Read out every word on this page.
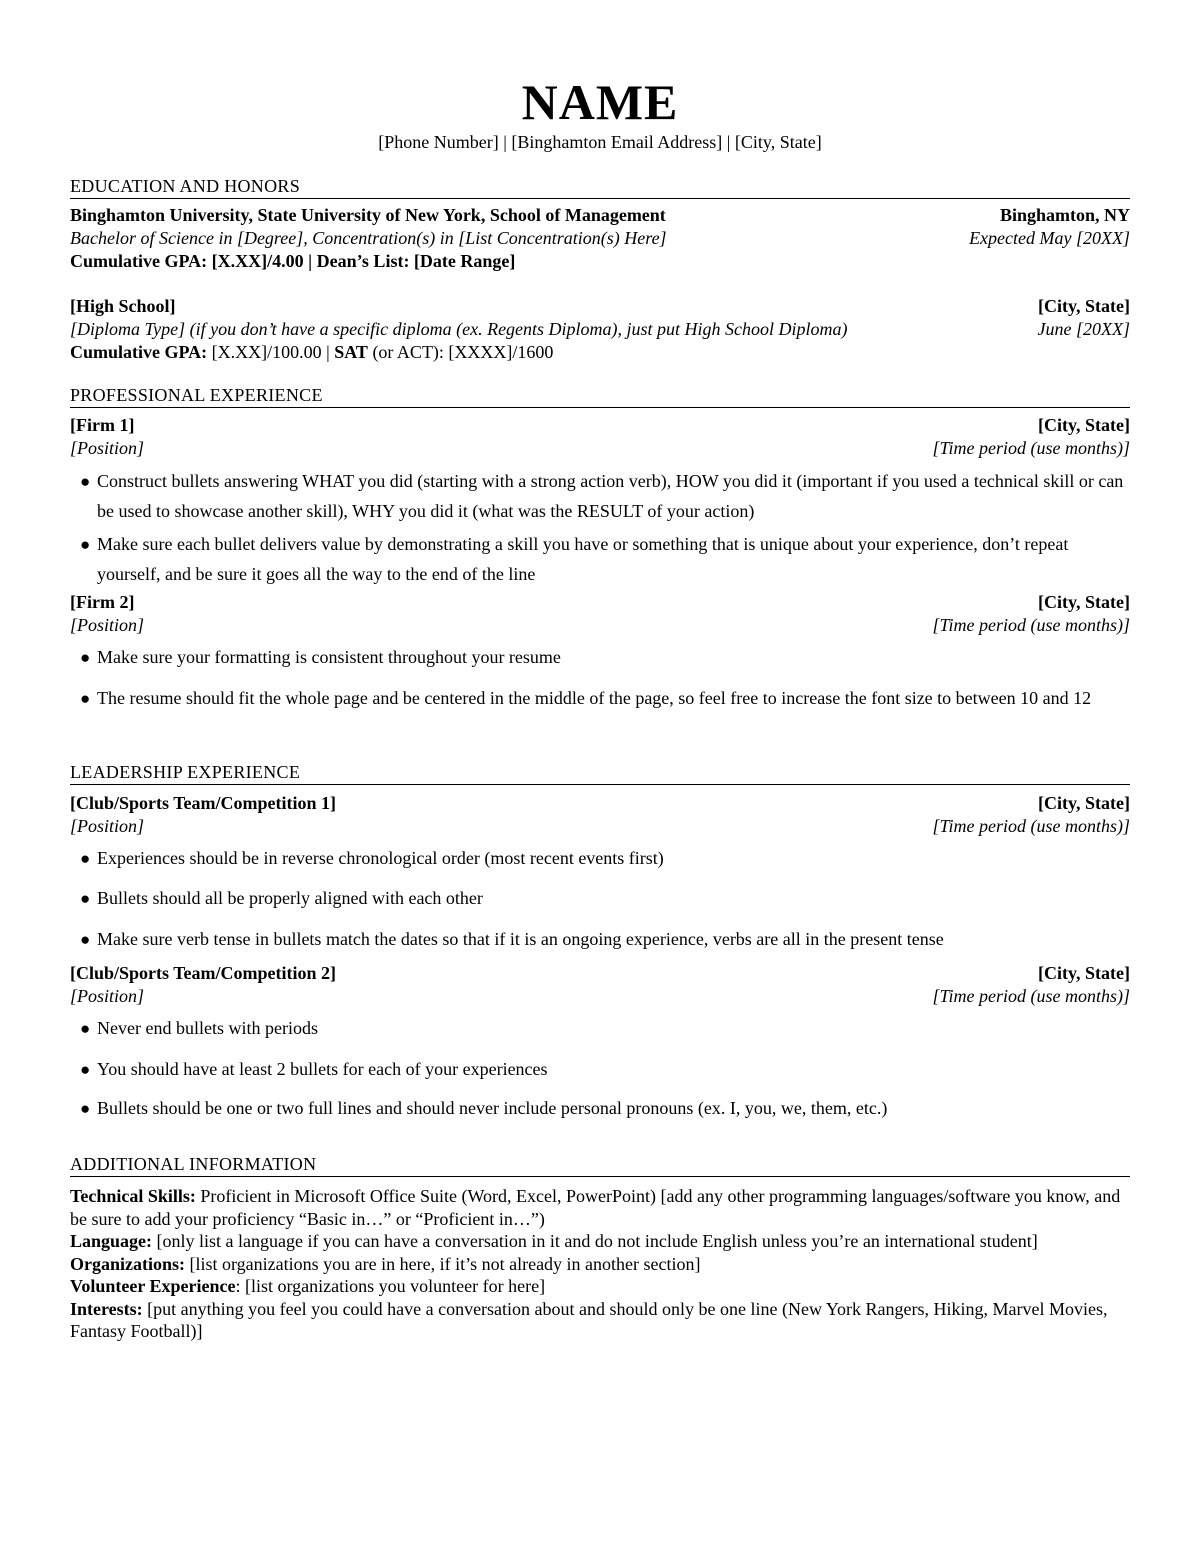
NAME
[Phone Number] | [Binghamton Email Address] | [City, State]
EDUCATION AND HONORS
Binghamton University, State University of New York, School of Management	Binghamton, NY
Bachelor of Science in [Degree], Concentration(s) in [List Concentration(s) Here]	Expected May [20XX]
Cumulative GPA: [X.XX]/4.00 | Dean’s List: [Date Range]
[High School]	[City, State]
[Diploma Type] (if you don’t have a specific diploma (ex. Regents Diploma), just put High School Diploma)	June [20XX]
Cumulative GPA: [X.XX]/100.00 | SAT (or ACT): [XXXX]/1600
PROFESSIONAL EXPERIENCE
[Firm 1]	[City, State]
[Position]	[Time period (use months)]
● Construct bullets answering WHAT you did (starting with a strong action verb), HOW you did it (important if you used a technical skill or can be used to showcase another skill), WHY you did it (what was the RESULT of your action)
● Make sure each bullet delivers value by demonstrating a skill you have or something that is unique about your experience, don’t repeat yourself, and be sure it goes all the way to the end of the line
[Firm 2]	[City, State]
[Position]	[Time period (use months)]
● Make sure your formatting is consistent throughout your resume
● The resume should fit the whole page and be centered in the middle of the page, so feel free to increase the font size to between 10 and 12
LEADERSHIP EXPERIENCE
[Club/Sports Team/Competition 1]	[City, State]
[Position]	[Time period (use months)]
● Experiences should be in reverse chronological order (most recent events first)
● Bullets should all be properly aligned with each other
● Make sure verb tense in bullets match the dates so that if it is an ongoing experience, verbs are all in the present tense
[Club/Sports Team/Competition 2]	[City, State]
[Position]	[Time period (use months)]
● Never end bullets with periods
● You should have at least 2 bullets for each of your experiences
● Bullets should be one or two full lines and should never include personal pronouns (ex. I, you, we, them, etc.)
ADDITIONAL INFORMATION
Technical Skills: Proficient in Microsoft Office Suite (Word, Excel, PowerPoint) [add any other programming languages/software you know, and be sure to add your proficiency “Basic in…” or “Proficient in…”)
Language: [only list a language if you can have a conversation in it and do not include English unless you’re an international student]
Organizations: [list organizations you are in here, if it’s not already in another section]
Volunteer Experience: [list organizations you volunteer for here]
Interests: [put anything you feel you could have a conversation about and should only be one line (New York Rangers, Hiking, Marvel Movies, Fantasy Football)]
